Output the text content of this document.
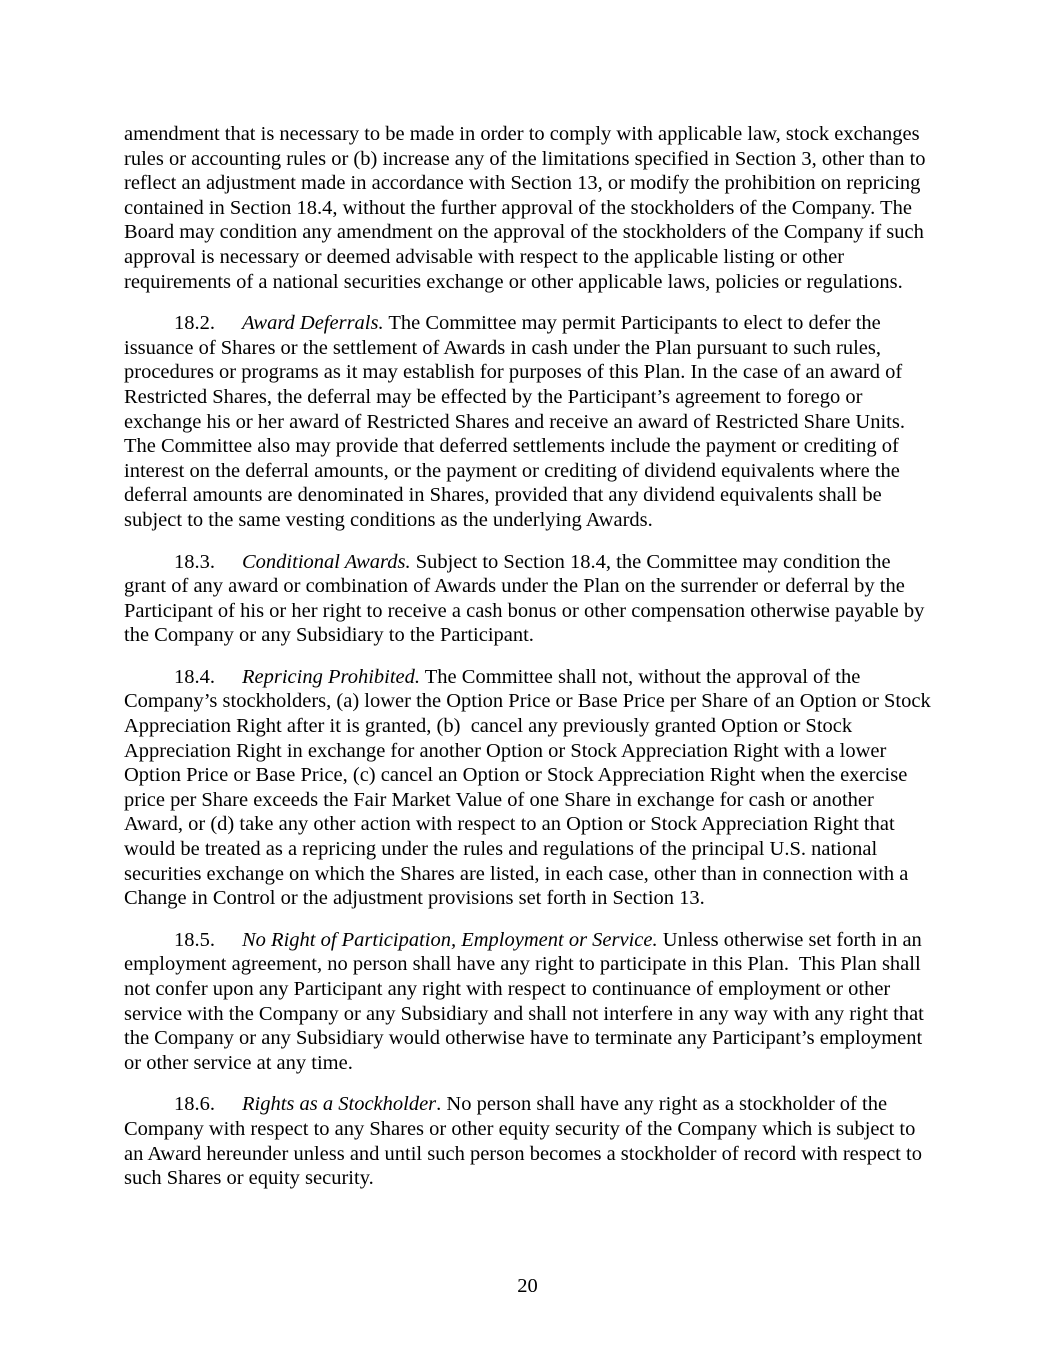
amendment that is necessary to be made in order to comply with applicable law, stock exchanges rules or accounting rules or (b) increase any of the limitations specified in Section 3, other than to reflect an adjustment made in accordance with Section 13, or modify the prohibition on repricing contained in Section 18.4, without the further approval of the stockholders of the Company. The Board may condition any amendment on the approval of the stockholders of the Company if such approval is necessary or deemed advisable with respect to the applicable listing or other requirements of a national securities exchange or other applicable laws, policies or regulations.

18.2. Award Deferrals. The Committee may permit Participants to elect to defer the issuance of Shares or the settlement of Awards in cash under the Plan pursuant to such rules, procedures or programs as it may establish for purposes of this Plan. In the case of an award of Restricted Shares, the deferral may be effected by the Participant’s agreement to forego or exchange his or her award of Restricted Shares and receive an award of Restricted Share Units. The Committee also may provide that deferred settlements include the payment or crediting of interest on the deferral amounts, or the payment or crediting of dividend equivalents where the deferral amounts are denominated in Shares, provided that any dividend equivalents shall be subject to the same vesting conditions as the underlying Awards.

18.3. Conditional Awards. Subject to Section 18.4, the Committee may condition the grant of any award or combination of Awards under the Plan on the surrender or deferral by the Participant of his or her right to receive a cash bonus or other compensation otherwise payable by the Company or any Subsidiary to the Participant.

18.4. Repricing Prohibited. The Committee shall not, without the approval of the Company’s stockholders, (a) lower the Option Price or Base Price per Share of an Option or Stock Appreciation Right after it is granted, (b)  cancel any previously granted Option or Stock Appreciation Right in exchange for another Option or Stock Appreciation Right with a lower Option Price or Base Price, (c) cancel an Option or Stock Appreciation Right when the exercise price per Share exceeds the Fair Market Value of one Share in exchange for cash or another Award, or (d) take any other action with respect to an Option or Stock Appreciation Right that would be treated as a repricing under the rules and regulations of the principal U.S. national securities exchange on which the Shares are listed, in each case, other than in connection with a Change in Control or the adjustment provisions set forth in Section 13.

18.5. No Right of Participation, Employment or Service. Unless otherwise set forth in an employment agreement, no person shall have any right to participate in this Plan.  This Plan shall not confer upon any Participant any right with respect to continuance of employment or other service with the Company or any Subsidiary and shall not interfere in any way with any right that the Company or any Subsidiary would otherwise have to terminate any Participant’s employment or other service at any time.

18.6. Rights as a Stockholder. No person shall have any right as a stockholder of the Company with respect to any Shares or other equity security of the Company which is subject to an Award hereunder unless and until such person becomes a stockholder of record with respect to such Shares or equity security.

20
